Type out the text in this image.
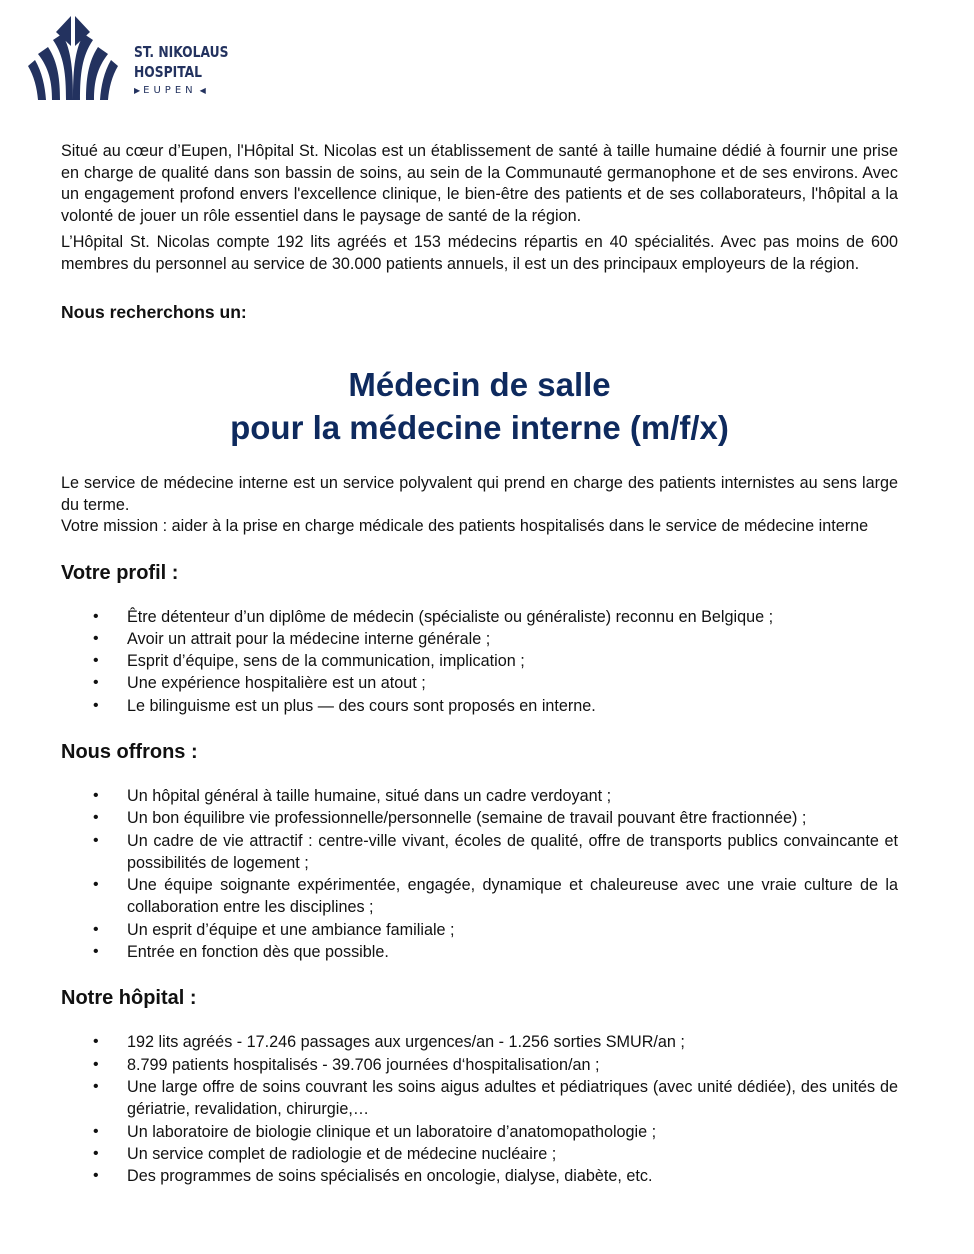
ST. NIKOLAUS
HOSPITAL
▶ EUPEN ◀

Situé au cœur d’Eupen, l'Hôpital St. Nicolas est un établissement de santé à taille humaine dédié à fournir une prise en charge de qualité dans son bassin de soins, au sein de la Communauté germanophone et de ses environs. Avec un engagement profond envers l'excellence clinique, le bien-être des patients et de ses collaborateurs, l'hôpital a la volonté de jouer un rôle essentiel dans le paysage de santé de la région.

L’Hôpital St. Nicolas compte 192 lits agréés et 153 médecins répartis en 40 spécialités. Avec pas moins de 600 membres du personnel au service de 30.000 patients annuels, il est un des principaux employeurs de la région.

Nous recherchons un:
Médecin de salle
pour la médecine interne (m/f/x)

Le service de médecine interne est un service polyvalent qui prend en charge des patients internistes au sens large du terme.

Votre mission : aider à la prise en charge médicale des patients hospitalisés dans le service de médecine interne

Votre profil :
• Être détenteur d’un diplôme de médecin (spécialiste ou généraliste) reconnu en Belgique ;
• Avoir un attrait pour la médecine interne générale ;
• Esprit d’équipe, sens de la communication, implication ;
• Une expérience hospitalière est un atout ;
• Le bilinguisme est un plus — des cours sont proposés en interne.
Nous offrons :
• Un hôpital général à taille humaine, situé dans un cadre verdoyant ;
• Un bon équilibre vie professionnelle/personnelle (semaine de travail pouvant être fractionnée) ;
• Un cadre de vie attractif : centre-ville vivant, écoles de qualité, offre de transports publics convaincante et possibilités de logement ;
• Une équipe soignante expérimentée, engagée, dynamique et chaleureuse avec une vraie culture de la collaboration entre les disciplines ;
• Un esprit d’équipe et une ambiance familiale ;
• Entrée en fonction dès que possible.
Notre hôpital :
• 192 lits agréés - 17.246 passages aux urgences/an - 1.256 sorties SMUR/an ;
• 8.799 patients hospitalisés - 39.706 journées d‘hospitalisation/an ;
• Une large offre de soins couvrant les soins aigus adultes et pédiatriques (avec unité dédiée), des unités de gériatrie, revalidation, chirurgie,…
• Un laboratoire de biologie clinique et un laboratoire d’anatomopathologie ;
• Un service complet de radiologie et de médecine nucléaire ;
• Des programmes de soins spécialisés en oncologie, dialyse, diabète, etc.
